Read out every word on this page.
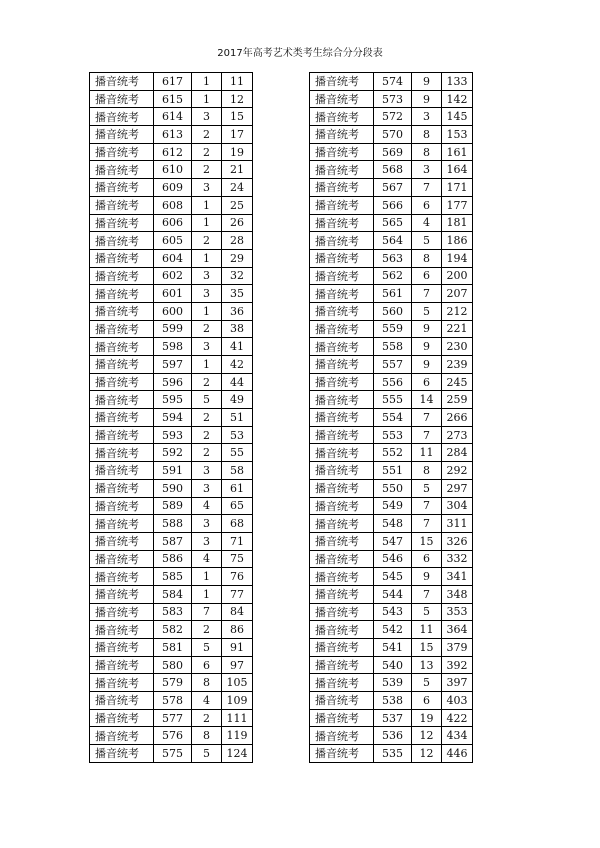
2017年高考艺术类考生综合分分段表
播音统考	617	1	11
播音统考	615	1	12
播音统考	614	3	15
播音统考	613	2	17
播音统考	612	2	19
播音统考	610	2	21
播音统考	609	3	24
播音统考	608	1	25
播音统考	606	1	26
播音统考	605	2	28
播音统考	604	1	29
播音统考	602	3	32
播音统考	601	3	35
播音统考	600	1	36
播音统考	599	2	38
播音统考	598	3	41
播音统考	597	1	42
播音统考	596	2	44
播音统考	595	5	49
播音统考	594	2	51
播音统考	593	2	53
播音统考	592	2	55
播音统考	591	3	58
播音统考	590	3	61
播音统考	589	4	65
播音统考	588	3	68
播音统考	587	3	71
播音统考	586	4	75
播音统考	585	1	76
播音统考	584	1	77
播音统考	583	7	84
播音统考	582	2	86
播音统考	581	5	91
播音统考	580	6	97
播音统考	579	8	105
播音统考	578	4	109
播音统考	577	2	111
播音统考	576	8	119
播音统考	575	5	124
播音统考	574	9	133
播音统考	573	9	142
播音统考	572	3	145
播音统考	570	8	153
播音统考	569	8	161
播音统考	568	3	164
播音统考	567	7	171
播音统考	566	6	177
播音统考	565	4	181
播音统考	564	5	186
播音统考	563	8	194
播音统考	562	6	200
播音统考	561	7	207
播音统考	560	5	212
播音统考	559	9	221
播音统考	558	9	230
播音统考	557	9	239
播音统考	556	6	245
播音统考	555	14	259
播音统考	554	7	266
播音统考	553	7	273
播音统考	552	11	284
播音统考	551	8	292
播音统考	550	5	297
播音统考	549	7	304
播音统考	548	7	311
播音统考	547	15	326
播音统考	546	6	332
播音统考	545	9	341
播音统考	544	7	348
播音统考	543	5	353
播音统考	542	11	364
播音统考	541	15	379
播音统考	540	13	392
播音统考	539	5	397
播音统考	538	6	403
播音统考	537	19	422
播音统考	536	12	434
播音统考	535	12	446
